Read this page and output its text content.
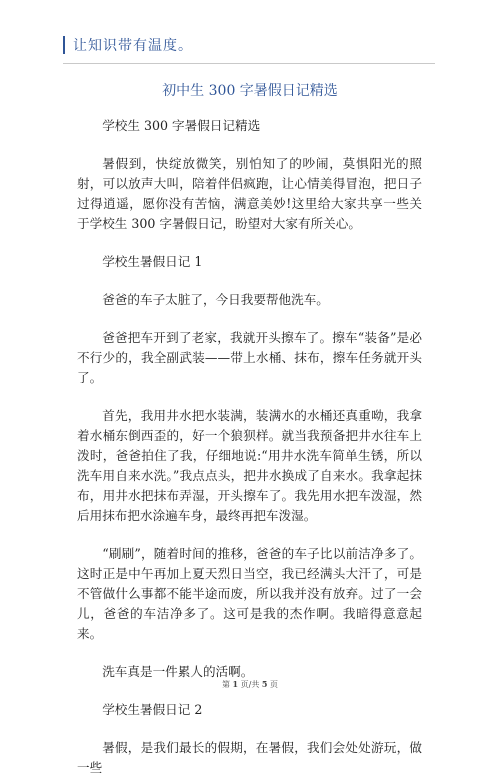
让知识带有温度。
初中生 300 字暑假日记精选

学校生 300 字暑假日记精选

暑假到，快绽放微笑，别怕知了的吵闹，莫惧阳光的照射，可以放声大叫，陪着伴侣疯跑，让心情美得冒泡，把日子过得逍遥，愿你没有苦恼，满意美妙!这里给大家共享一些关于学校生 300 字暑假日记，盼望对大家有所关心。

学校生暑假日记 1

爸爸的车子太脏了，今日我要帮他洗车。

爸爸把车开到了老家，我就开头擦车了。擦车“装备”是必不行少的，我全副武装——带上水桶、抹布，擦车任务就开头了。

首先，我用井水把水装满，装满水的水桶还真重呦，我拿着水桶东倒西歪的，好一个狼狈样。就当我预备把井水往车上泼时，爸爸拍住了我，仔细地说:“用井水洗车简单生锈，所以洗车用自来水洗。”我点点头，把井水换成了自来水。我拿起抹布，用井水把抹布弄湿，开头擦车了。我先用水把车泼湿，然后用抹布把水涂遍车身，最终再把车泼湿。

“刷刷”，随着时间的推移，爸爸的车子比以前洁净多了。这时正是中午再加上夏天烈日当空，我已经满头大汗了，可是不管做什么事都不能半途而废，所以我并没有放弃。过了一会儿，爸爸的车洁净多了。这可是我的杰作啊。我暗得意意起来。

洗车真是一件累人的活啊。

学校生暑假日记 2

暑假，是我们最长的假期，在暑假，我们会处处游玩，做一些

第 1 页/共 5 页
